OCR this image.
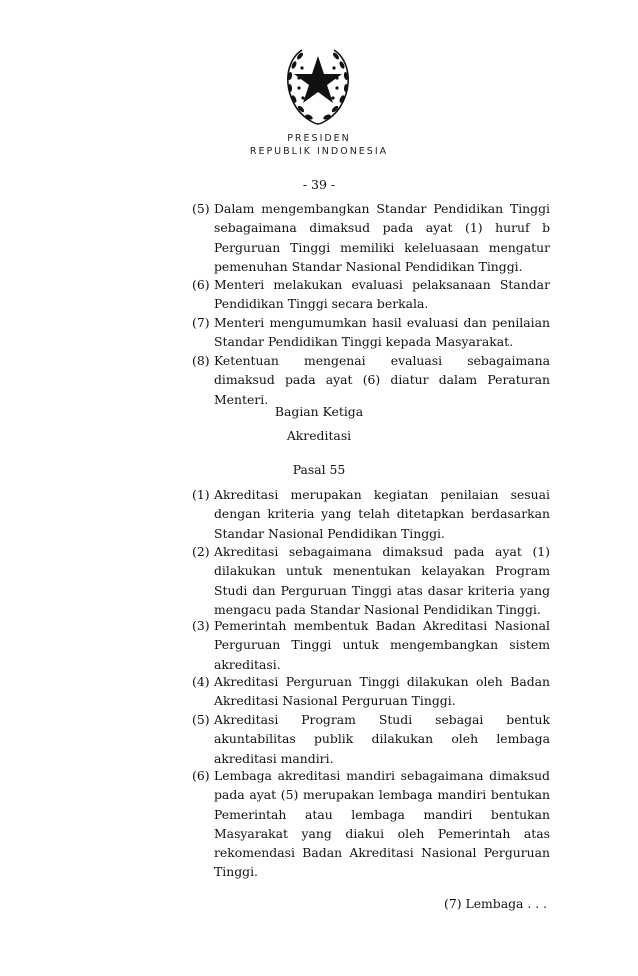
PRESIDEN
REPUBLIK INDONESIA
- 39 -
(5) Dalam mengembangkan Standar Pendidikan Tinggi sebagaimana dimaksud pada ayat (1) huruf b Perguruan Tinggi memiliki keleluasaan mengatur pemenuhan Standar Nasional Pendidikan Tinggi.
(6) Menteri melakukan evaluasi pelaksanaan Standar Pendidikan Tinggi secara berkala.
(7) Menteri mengumumkan hasil evaluasi dan penilaian Standar Pendidikan Tinggi kepada Masyarakat.
(8) Ketentuan mengenai evaluasi sebagaimana dimaksud pada ayat (6) diatur dalam Peraturan Menteri.
Bagian Ketiga
Akreditasi
Pasal 55
(1) Akreditasi merupakan kegiatan penilaian sesuai dengan kriteria yang telah ditetapkan berdasarkan Standar Nasional Pendidikan Tinggi.
(2) Akreditasi sebagaimana dimaksud pada ayat (1) dilakukan untuk menentukan kelayakan Program Studi dan Perguruan Tinggi atas dasar kriteria yang mengacu pada Standar Nasional Pendidikan Tinggi.
(3) Pemerintah membentuk Badan Akreditasi Nasional Perguruan Tinggi untuk mengembangkan sistem akreditasi.
(4) Akreditasi Perguruan Tinggi dilakukan oleh Badan Akreditasi Nasional Perguruan Tinggi.
(5) Akreditasi Program Studi sebagai bentuk akuntabilitas publik dilakukan oleh lembaga akreditasi mandiri.
(6) Lembaga akreditasi mandiri sebagaimana dimaksud pada ayat (5) merupakan lembaga mandiri bentukan Pemerintah atau lembaga mandiri bentukan Masyarakat yang diakui oleh Pemerintah atas rekomendasi Badan Akreditasi Nasional Perguruan Tinggi.
(7) Lembaga . . .
